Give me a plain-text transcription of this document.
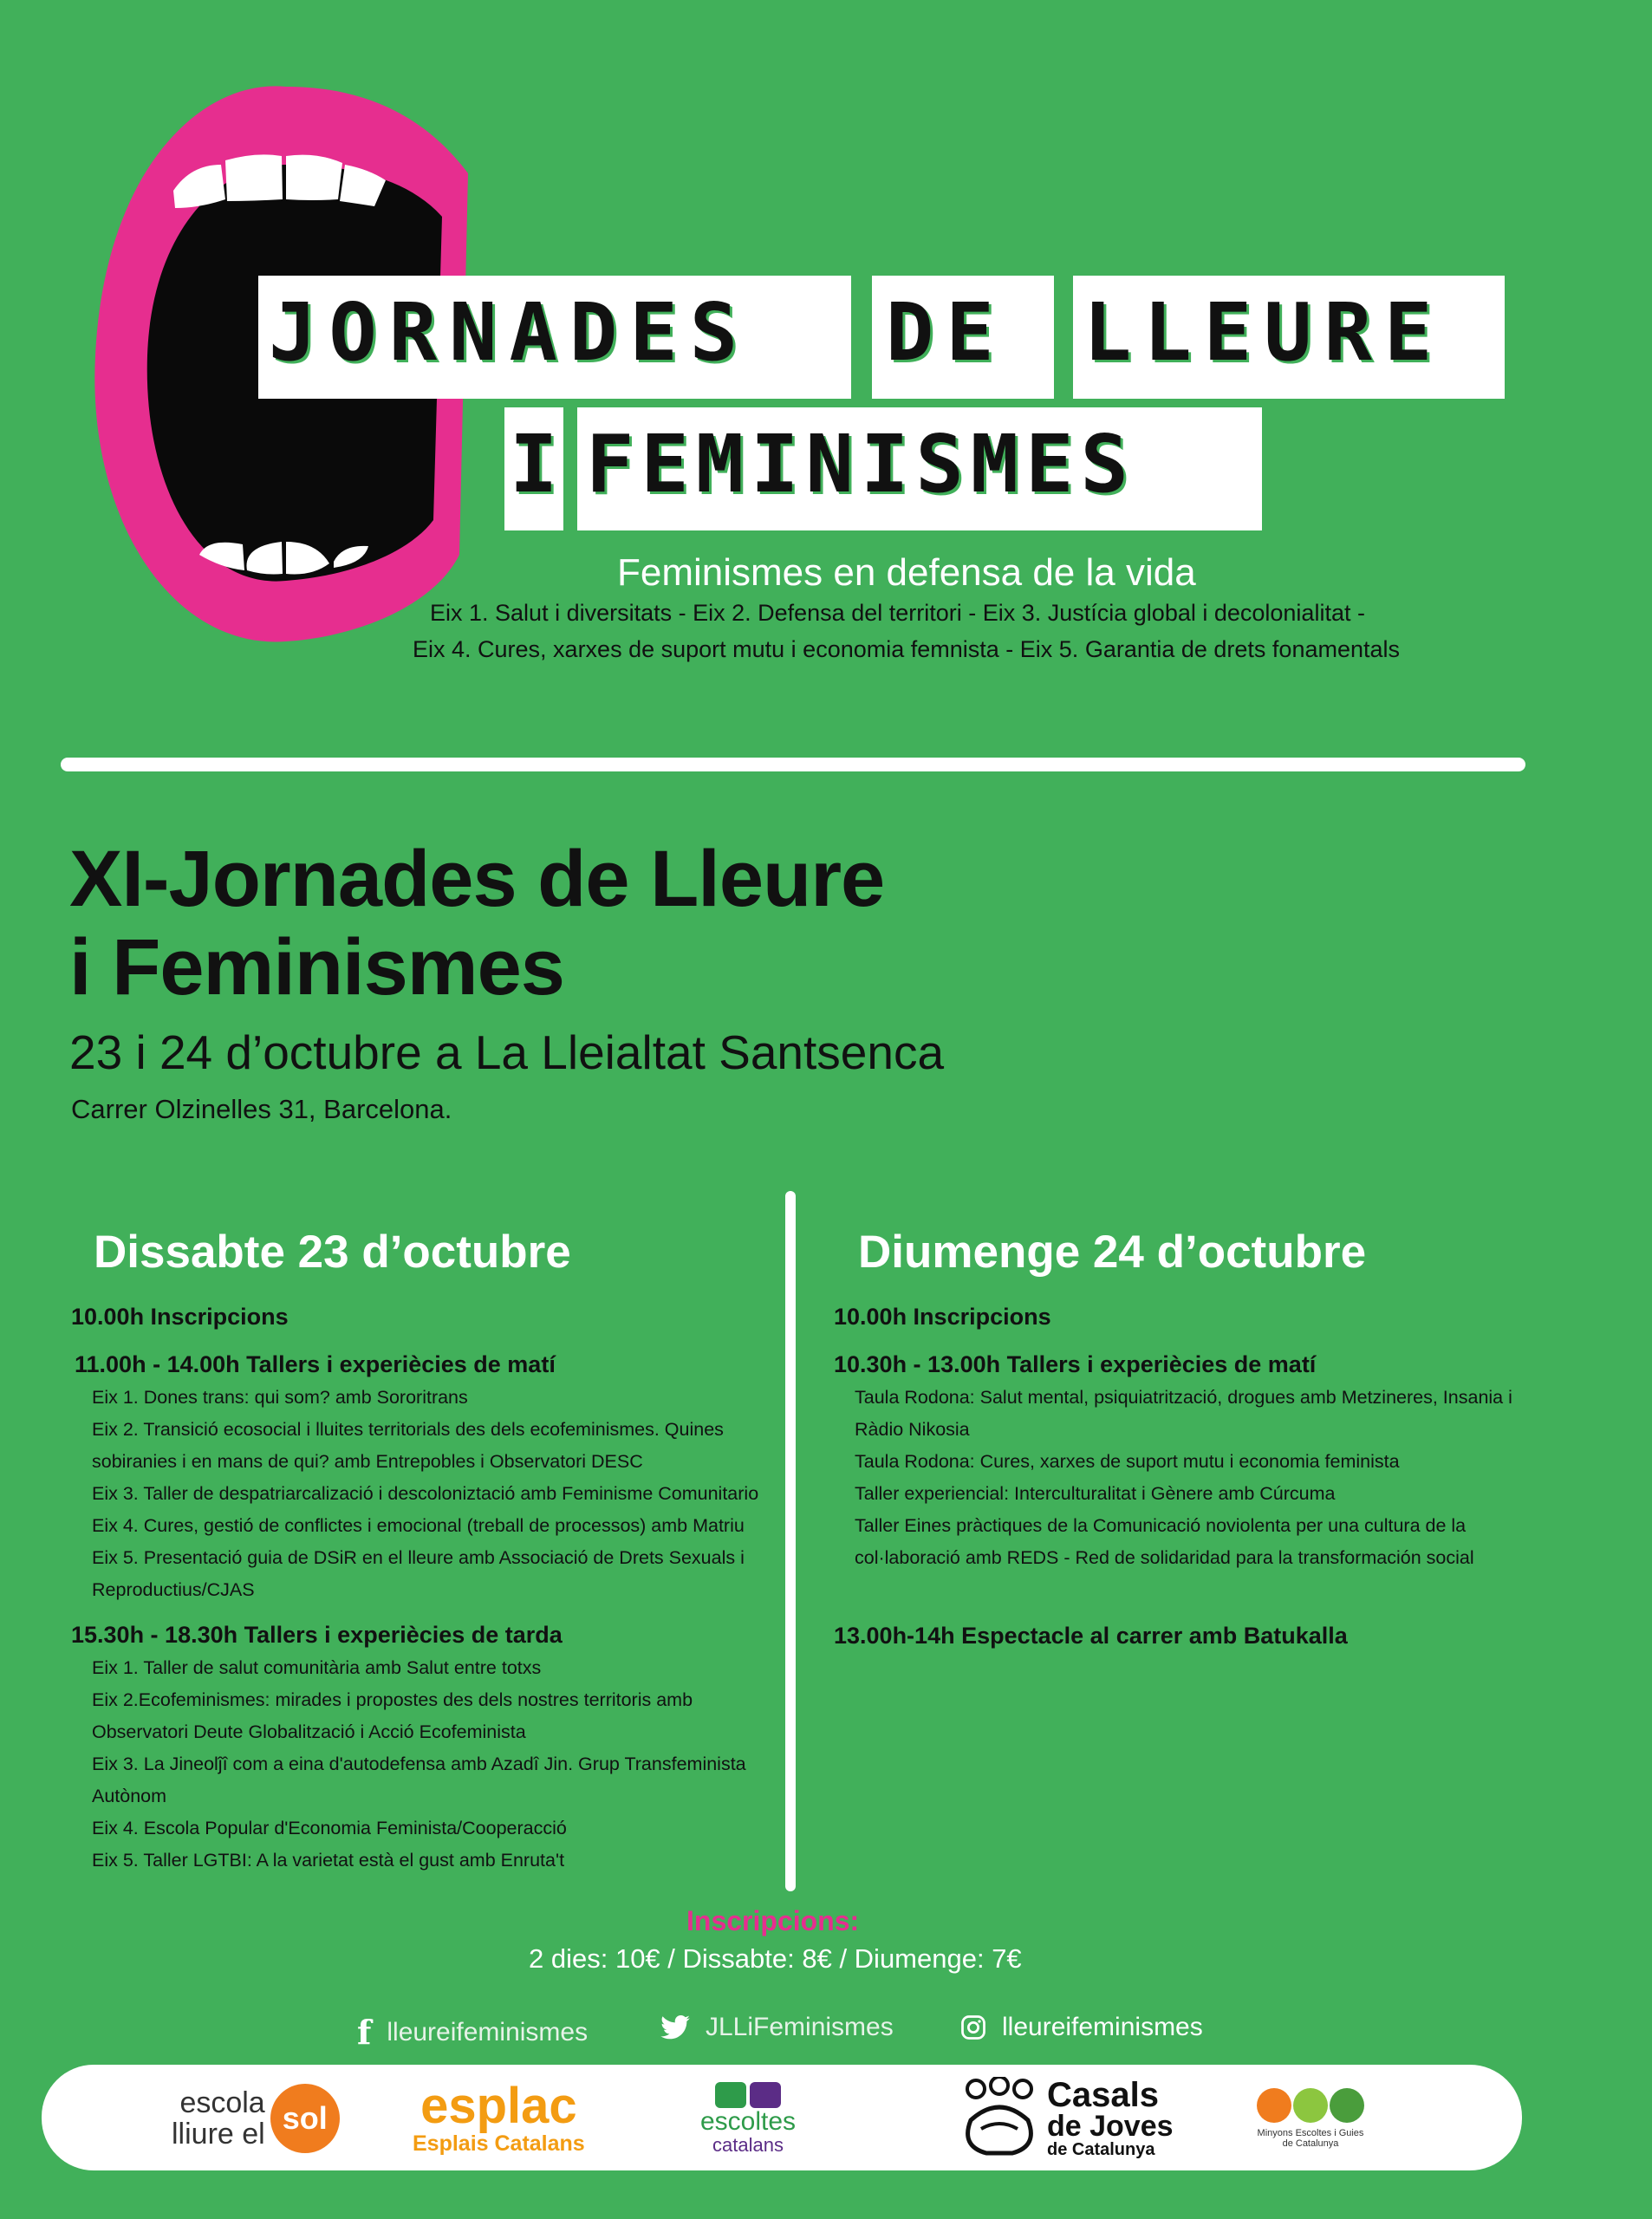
JORNADES DE LLEURE
I FEMINISMES
Feminismes en defensa de la vida
Eix 1. Salut i diversitats - Eix 2. Defensa del territori - Eix 3. Justícia global i decolonialitat -
Eix 4. Cures, xarxes de suport mutu i economia femnista - Eix 5. Garantia de drets fonamentals
XI-Jornades de Lleure
i Feminismes
23 i 24 d’octubre a La Lleialtat Santsenca
Carrer Olzinelles 31, Barcelona.
Dissabte 23 d’octubre

10.00h Inscripcions

11.00h - 14.00h Tallers i experiècies de matí

Eix 1. Dones trans: qui som? amb Sororitrans

Eix 2. Transició ecosocial i lluites territorials des dels ecofeminismes. Quines sobiranies i en mans de qui? amb Entrepobles i Observatori DESC

Eix 3. Taller de despatriarcalizació i descoloniztació amb Feminisme Comunitario

Eix 4. Cures, gestió de conflictes i emocional (treball de processos) amb Matriu

Eix 5. Presentació guia de DSiR en el lleure amb Associació de Drets Sexuals i Reproductius/CJAS

15.30h - 18.30h Tallers i experiècies de tarda

Eix 1. Taller de salut comunitària amb Salut entre totxs

Eix 2.Ecofeminismes: mirades i propostes des dels nostres territoris amb Observatori Deute Globalització i Acció Ecofeminista

Eix 3. La Jineolĵî com a eina d'autodefensa amb Azadî Jin. Grup Transfeminista Autònom

Eix 4. Escola Popular d'Economia Feminista/Cooperacció

Eix 5. Taller LGTBI: A la varietat està el gust amb Enruta't

Diumenge 24 d’octubre

10.00h Inscripcions

10.30h - 13.00h Tallers i experiècies de matí

Taula Rodona: Salut mental, psiquiatrització, drogues amb Metzineres, Insania i Ràdio Nikosia

Taula Rodona: Cures, xarxes de suport mutu i economia feminista

Taller experiencial: Interculturalitat i Gènere amb Cúrcuma

Taller Eines pràctiques de la Comunicació noviolenta per una cultura de la col·laboració amb REDS - Red de solidaridad para la transformación social

13.00h-14h Espectacle al carrer amb Batukalla

Inscripcions:
2 dies: 10€ / Dissabte: 8€ / Diumenge: 7€
f lleureifeminismes	JLLiFeminismes	lleureifeminismes
escola
lliure el sol esplac
Esplais Catalans
escoltes
catalans
Casals
de Joves
de Catalunya
Minyons Escoltes i Guies
de Catalunya
